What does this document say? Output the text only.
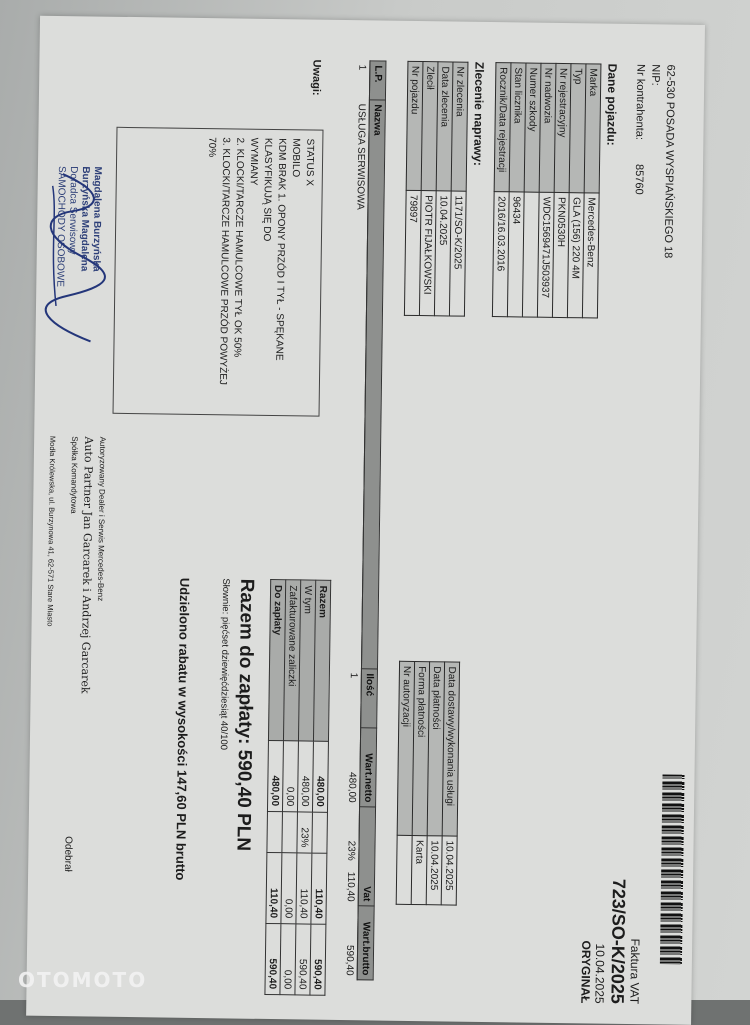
62-530 POSADA WYSPIAŃSKIEGO 18
NIP:
Nr kontrahenta:
85760
Faktura VAT
723/SO-K/2025
10.04.2025
ORYGINAŁ
Dane pojazdu:
Marka	Mercedes-Benz
Typ	GLA (156) 220 4M
Nr rejestracyjny	PKN0530H
Nr nadwozia	WDC1569471J503937
Numer szkody	
Stan licznika	96434
Rocznik/Data rejestracji	2016/16.03.2016
Zlecenie naprawy:
Nr zlecenia	1171/SO-K/2025
Data zlecenia	10.04.2025
Zlecił	PIOTR FIJAŁKOWSKI
Nr pojazdu	79897
Data dostawy/wykonania usługi	10.04.2025
Data płatności	10.04.2025
Forma płatności	Karta
Nr autoryzacji	
L.P.	Nazwa	Ilość	Wart.netto	Vat	Wart.brutto
1	USŁUGA SERWISOWA	1	480,00	23%    110,40	590,40
Razem	480,00		110,40	590,40
W tym	480,00	23%	110,40	590,40
Zafakturowane zaliczki	0,00		0,00	0,00
Do zapłaty	480,00		110,40	590,40
Razem do zapłaty: 590,40 PLN
Słownie: pięćset dziewięćdziesiąt 40/100
Udzielono rabatu w wysokości 147,60 PLN brutto
Uwagi:
STATUS X
MOBILO
KDM BRAK 1. OPONY PRZÓD I TYŁ - SPĘKANE KLASYFIKUJĄ SIĘ DO
WYMIANY
2. KLOCKI/TARCZE HAMULCOWE TYŁ OK 50%
3. KLOCKI/TARCZE HAMULCOWE PRZÓD POWYŻEJ 70%
Magdalena Burzyńska
Burzyńska Magdalena
Doradca Serwisowy
SAMOCHODY OSOBOWE
Autoryzowany Dealer i Serwis Mercedes-Benz
Auto Partner Jan Garcarek i Andrzej Garcarek
Spółka Komandytowa
Modła Królewska, ul. Burzynowa 41, 62-571 Stare Miasto
Odebrał
OTOMOTO
